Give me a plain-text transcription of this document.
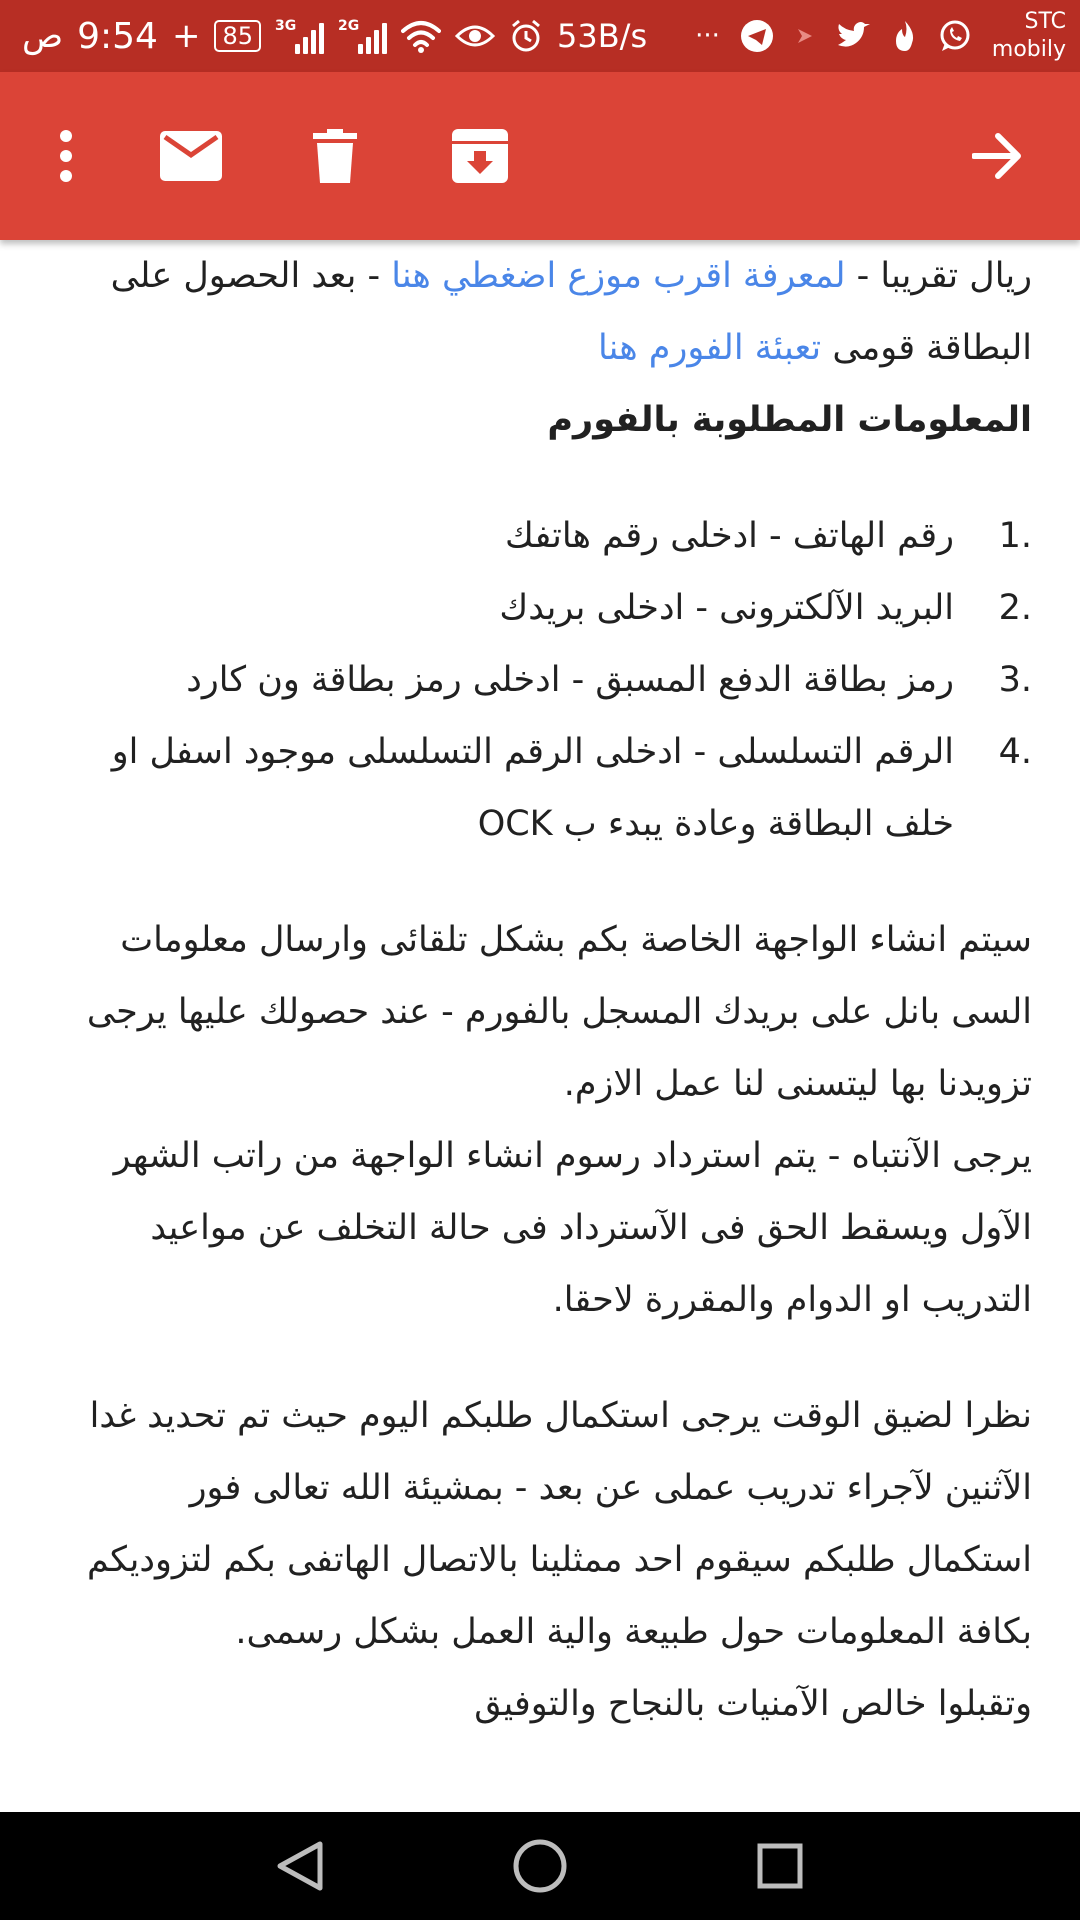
ص 9:54 + 85	3G	2G	53B/s ···	STC
mobily

ريال تقريبا - لمعرفة اقرب موزع اضغطي هنا - بعد الحصول على البطاقة قومى تعبئة الفورم هنا

المعلومات المطلوبة بالفورم

1.
رقم الهاتف - ادخلى رقم هاتفك
2.
البريد الآلكترونى - ادخلى بريدك
3.
رمز بطاقة الدفع المسبق - ادخلى رمز بطاقة ون كارد
4.
الرقم التسلسلى - ادخلى الرقم التسلسلى موجود اسفل او خلف البطاقة وعادة يبدء ب OCK

سيتم انشاء الواجهة الخاصة بكم بشكل تلقائى وارسال معلومات السى بانل على بريدك المسجل بالفورم - عند حصولك عليها يرجى تزويدنا بها ليتسنى لنا عمل الازم.

يرجى الآنتباه - يتم استرداد رسوم انشاء الواجهة من راتب الشهر الآول ويسقط الحق فى الآسترداد فى حالة التخلف عن مواعيد التدريب او الدوام والمقررة لاحقا.

نظرا لضيق الوقت يرجى استكمال طلبكم اليوم حيث تم تحديد غدا الآثنين لآجراء تدريب عملى عن بعد - بمشيئة الله تعالى فور استكمال طلبكم سيقوم احد ممثلينا بالاتصال الهاتفى بكم لتزوديكم بكافة المعلومات حول طبيعة والية العمل بشكل رسمى.

وتقبلوا خالص الآمنيات بالنجاح والتوفيق
